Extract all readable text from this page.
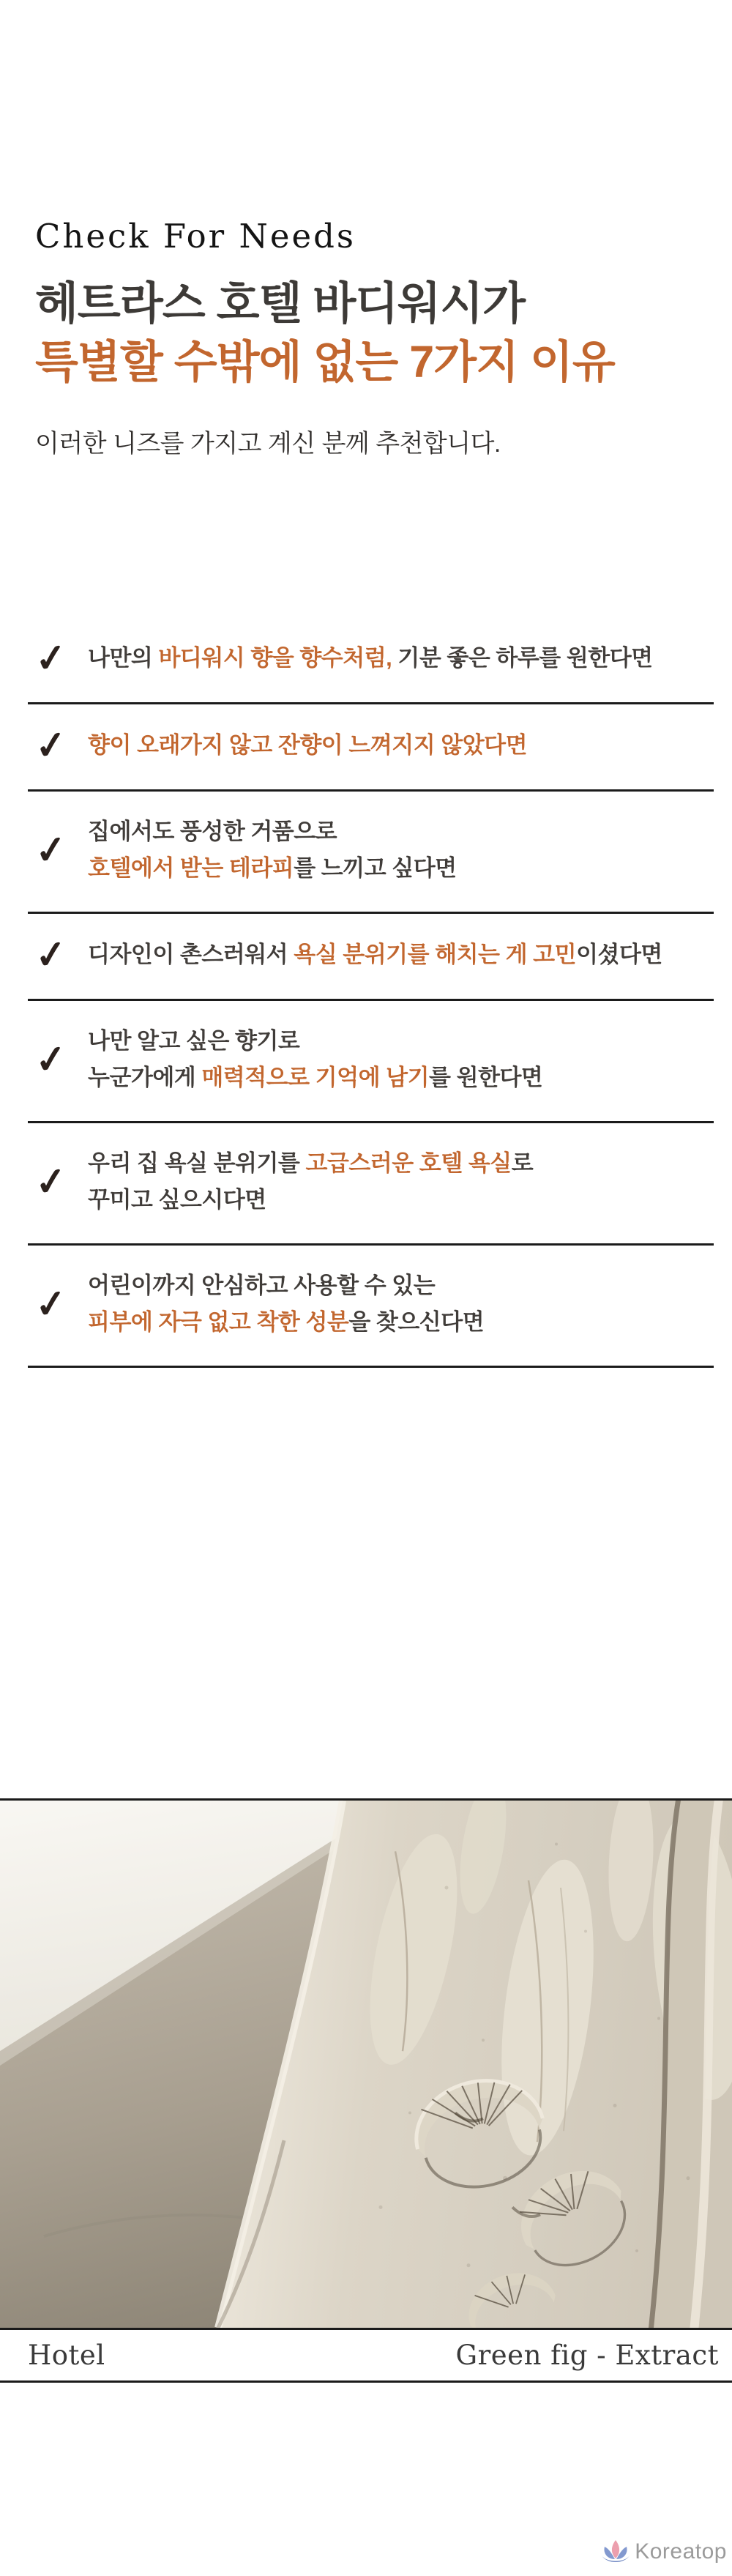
Check For Needs
헤트라스 호텔 바디워시가
특별할 수밖에 없는 7가지 이유
이러한 니즈를 가지고 계신 분께 추천합니다.
✓ 나만의 바디워시 향을 향수처럼, 기분 좋은 하루를 원한다면
✓ 향이 오래가지 않고 잔향이 느껴지지 않았다면
✓ 집에서도 풍성한 거품으로
호텔에서 받는 테라피를 느끼고 싶다면
✓ 디자인이 촌스러워서 욕실 분위기를 해치는 게 고민이셨다면
✓ 나만 알고 싶은 향기로
누군가에게 매력적으로 기억에 남기를 원한다면
✓ 우리 집 욕실 분위기를 고급스러운 호텔 욕실로
꾸미고 싶으시다면
✓ 어린이까지 안심하고 사용할 수 있는
피부에 자극 없고 착한 성분을 찾으신다면
Hotel	Green fig - Extract
Koreatop
